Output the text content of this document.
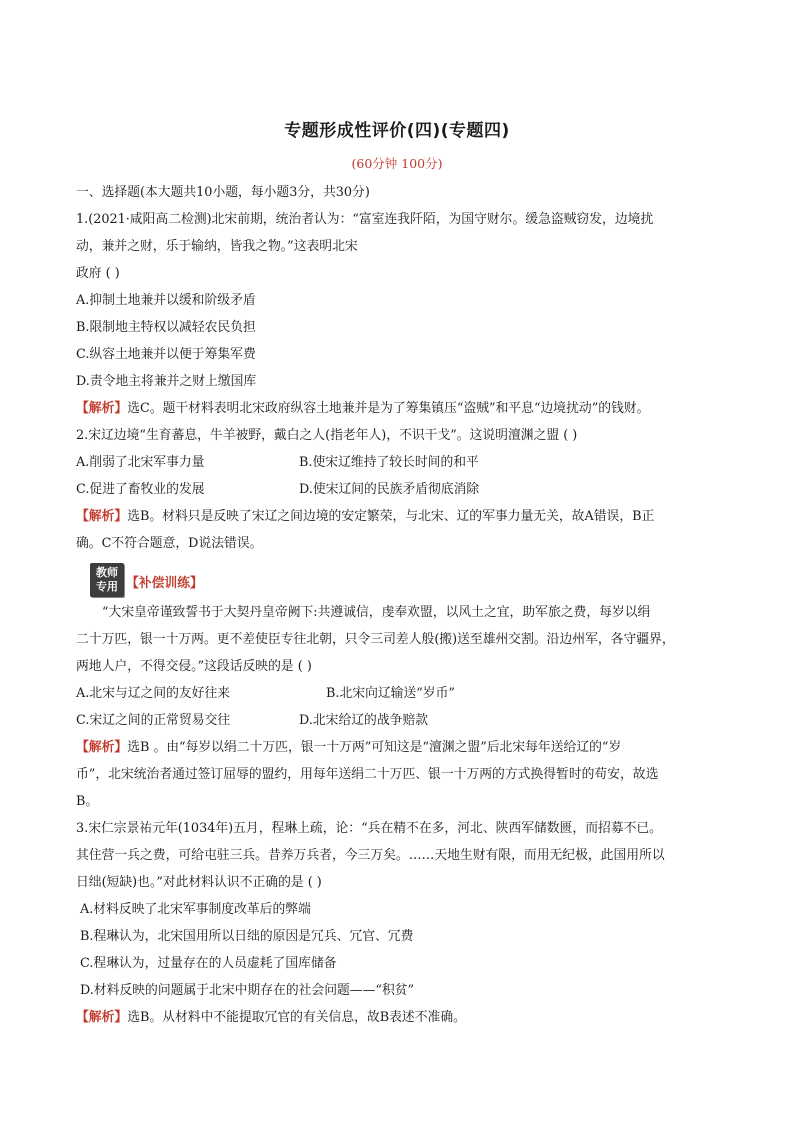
专题形成性评价(四)(专题四)
(60分钟 100分)
一、选择题(本大题共10小题，每小题3分，共30分)
1.(2021·咸阳高二检测)北宋前期，统治者认为：“富室连我阡陌，为国守财尔。缓急盗贼窃发，边境扰
动，兼并之财，乐于输纳，皆我之物。”这表明北宋
政府 ( )
A.抑制土地兼并以缓和阶级矛盾
B.限制地主特权以减轻农民负担
C.纵容土地兼并以便于筹集军费
D.责令地主将兼并之财上缴国库
【解析】选C。题干材料表明北宋政府纵容土地兼并是为了筹集镇压“盗贼”和平息“边境扰动”的钱财。
2.宋辽边境“生育蕃息，牛羊被野，戴白之人(指老年人)，不识干戈”。这说明澶渊之盟 ( )
A.削弱了北宋军事力量	B.使宋辽维持了较长时间的和平
C.促进了畜牧业的发展	D.使宋辽间的民族矛盾彻底消除
【解析】选B。材料只是反映了宋辽之间边境的安定繁荣，与北宋、辽的军事力量无关，故A错误，B正
确。C不符合题意，D说法错误。
教师
专用 【补偿训练】
“大宋皇帝谨致誓书于大契丹皇帝阙下:共遵诚信，虔奉欢盟，以风土之宜，助军旅之费，每岁以绢
二十万匹，银一十万两。更不差使臣专往北朝，只令三司差人般(搬)送至雄州交割。沿边州军，各守疆界，
两地人户，不得交侵。”这段话反映的是 ( )
A.北宋与辽之间的友好往来	B.北宋向辽输送“岁币”
C.宋辽之间的正常贸易交往	D.北宋给辽的战争赔款
【解析】选B 。由“每岁以绢二十万匹，银一十万两”可知这是“澶渊之盟”后北宋每年送给辽的“岁
币”，北宋统治者通过签订屈辱的盟约，用每年送绢二十万匹、银一十万两的方式换得暂时的苟安，故选
B。
3.宋仁宗景祐元年(1034年)五月，程琳上疏，论：“兵在精不在多，河北、陕西军储数匮，而招募不已。
其住营一兵之费，可给屯驻三兵。昔养万兵者，今三万矣。……天地生财有限，而用无纪极，此国用所以
日绌(短缺)也。”对此材料认识不正确的是 ( )
A.材料反映了北宋军事制度改革后的弊端
B.程琳认为，北宋国用所以日绌的原因是冗兵、冗官、冗费
C.程琳认为，过量存在的人员虚耗了国库储备
D.材料反映的问题属于北宋中期存在的社会问题——“积贫”
【解析】选B。从材料中不能提取冗官的有关信息，故B表述不准确。
